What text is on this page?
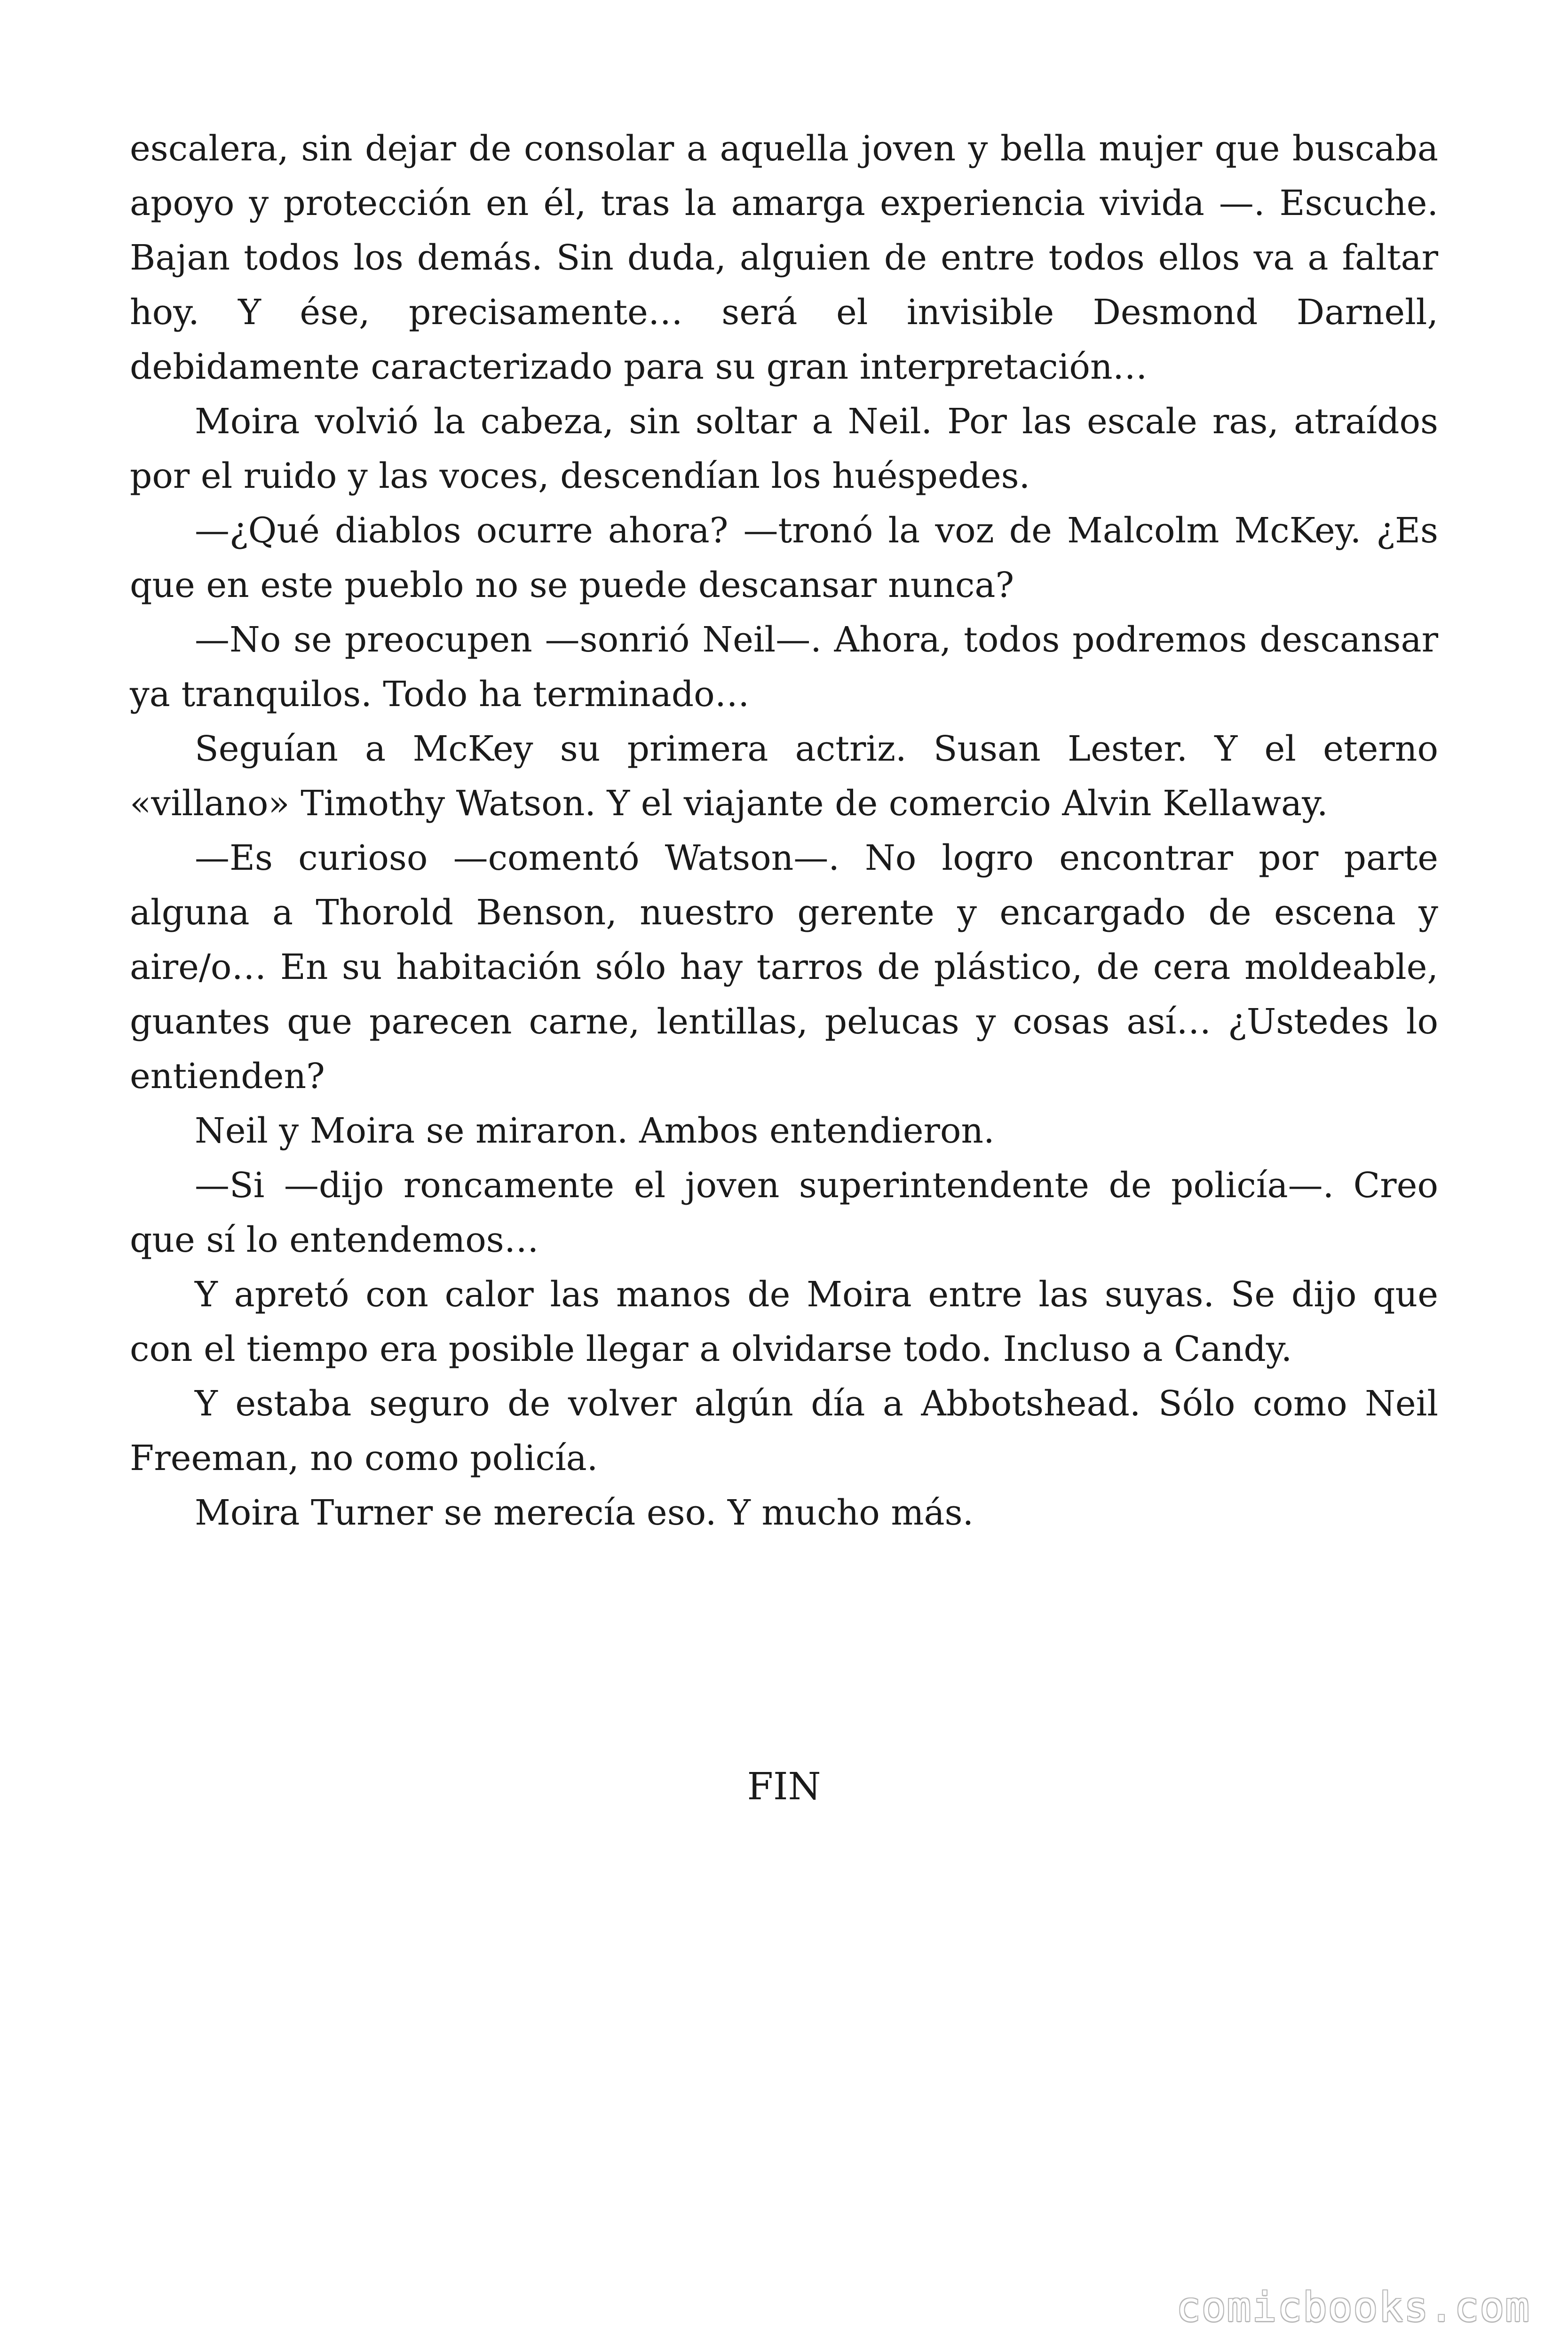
escalera, sin dejar de consolar a aquella joven y bella mujer que buscaba apoyo y protección en él, tras la amarga experiencia vivida —. Escuche. Bajan todos los demás. Sin duda, alguien de entre todos ellos va a faltar hoy. Y ése, precisamente… será el invisible Desmond Darnell, debidamente caracterizado para su gran interpretación…

Moira volvió la cabeza, sin soltar a Neil. Por las escale ras, atraídos por el ruido y las voces, descendían los huéspedes.

—¿Qué diablos ocurre ahora? —tronó la voz de Malcolm McKey. ¿Es que en este pueblo no se puede descansar nunca?

—No se preocupen —sonrió Neil—. Ahora, todos podremos descansar ya tranquilos. Todo ha terminado…

Seguían a McKey su primera actriz. Susan Lester. Y el eterno «villano» Timothy Watson. Y el viajante de comercio Alvin Kellaway.

—Es curioso —comentó Watson—. No logro encontrar por parte alguna a Thorold Benson, nuestro gerente y encargado de escena y aire/o… En su habitación sólo hay tarros de plástico, de cera moldeable, guantes que parecen carne, lentillas, pelucas y cosas así… ¿Ustedes lo entienden?

Neil y Moira se miraron. Ambos entendieron.

—Si —dijo roncamente el joven superintendente de policía—. Creo que sí lo entendemos…

Y apretó con calor las manos de Moira entre las suyas. Se dijo que con el tiempo era posible llegar a olvidarse todo. Incluso a Candy.

Y estaba seguro de volver algún día a Abbotshead. Sólo como Neil Freeman, no como policía.

Moira Turner se merecía eso. Y mucho más.

FIN
comicbooks.com
